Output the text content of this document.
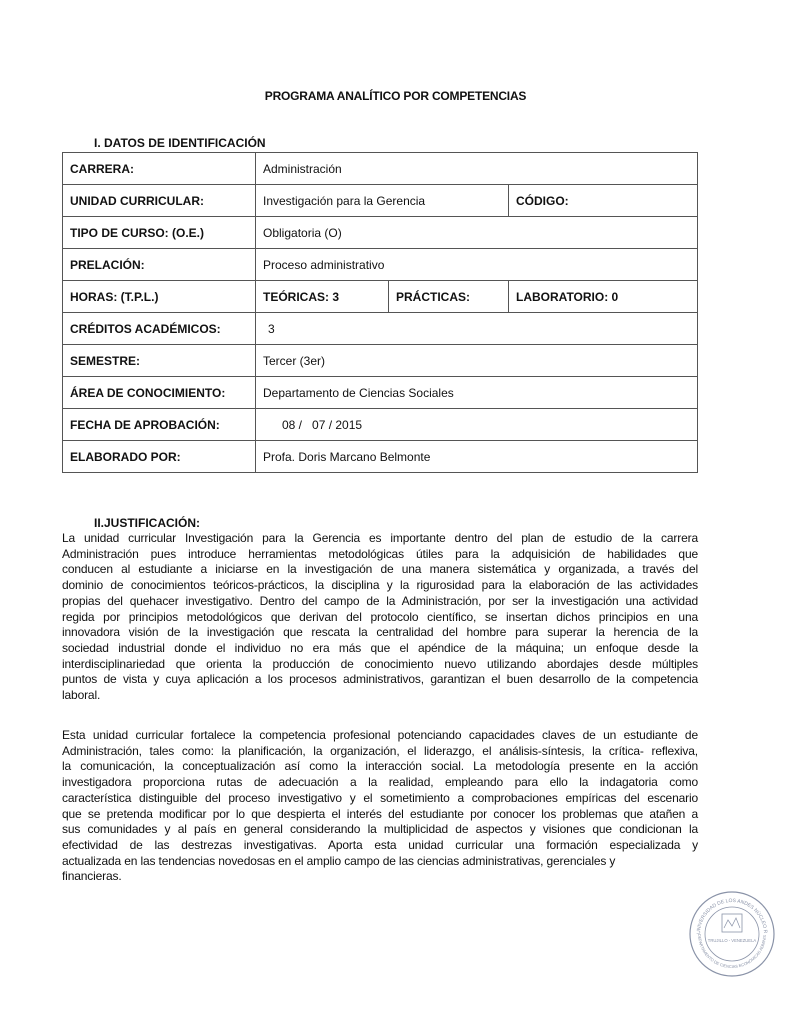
PROGRAMA ANALÍTICO POR COMPETENCIAS
I. DATOS DE IDENTIFICACIÓN
CARRERA:	Administración
UNIDAD CURRICULAR:	Investigación para la Gerencia	CÓDIGO:
TIPO DE CURSO: (O.E.)	Obligatoria (O)
PRELACIÓN:	Proceso administrativo
HORAS: (T.P.L.)	TEÓRICAS: 3	PRÁCTICAS:	LABORATORIO: 0
CRÉDITOS ACADÉMICOS:	3
SEMESTRE:	Tercer (3er)
ÁREA DE CONOCIMIENTO:	Departamento de Ciencias Sociales
FECHA DE APROBACIÓN:	08 /   07 / 2015
ELABORADO POR:	Profa. Doris Marcano Belmonte
II.JUSTIFICACIÓN:
La unidad curricular Investigación para la Gerencia es importante dentro del plan de estudio de la carrera
Administración pues introduce herramientas metodológicas útiles para la adquisición de habilidades que
conducen al estudiante a iniciarse en la investigación de una manera sistemática y organizada, a través del
dominio de conocimientos teóricos-prácticos, la disciplina y la rigurosidad para la elaboración de las actividades
propias del quehacer investigativo. Dentro del campo de la Administración, por ser la investigación una actividad
regida por principios metodológicos que derivan del protocolo científico, se insertan dichos principios en una
innovadora visión de la investigación que rescata la centralidad del hombre para superar la herencia de la
sociedad industrial donde el individuo no era más que el apéndice de la máquina; un enfoque desde la
interdisciplinariedad que orienta la producción de conocimiento nuevo utilizando abordajes desde múltiples
puntos de vista y cuya aplicación a los procesos administrativos, garantizan el buen desarrollo de la competencia
laboral.
Esta unidad curricular fortalece la competencia profesional potenciando capacidades claves de un estudiante de
Administración, tales como: la planificación, la organización, el liderazgo, el análisis-síntesis, la crítica- reflexiva,
la comunicación, la conceptualización así como la interacción social. La metodología presente en la acción
investigadora proporciona rutas de adecuación a la realidad, empleando para ello la indagatoria como
característica distinguible del proceso investigativo y el sometimiento a comprobaciones empíricas del escenario
que se pretenda modificar por lo que despierta el interés del estudiante por conocer los problemas que atañen a
sus comunidades y al país en general considerando la multiplicidad de aspectos y visiones que condicionan la
efectividad de las destrezas investigativas. Aporta esta unidad curricular una formación especializada y
actualizada en las tendencias novedosas en el amplio campo de las ciencias administrativas, gerenciales y
financieras.
UNIVERSIDAD DE LOS ANDES NÚCLEO R
DEPARTAMENTO DE CIENCIAS ECONÓMICAS ADMINIS
TRUJILLO - VENEZUELA
